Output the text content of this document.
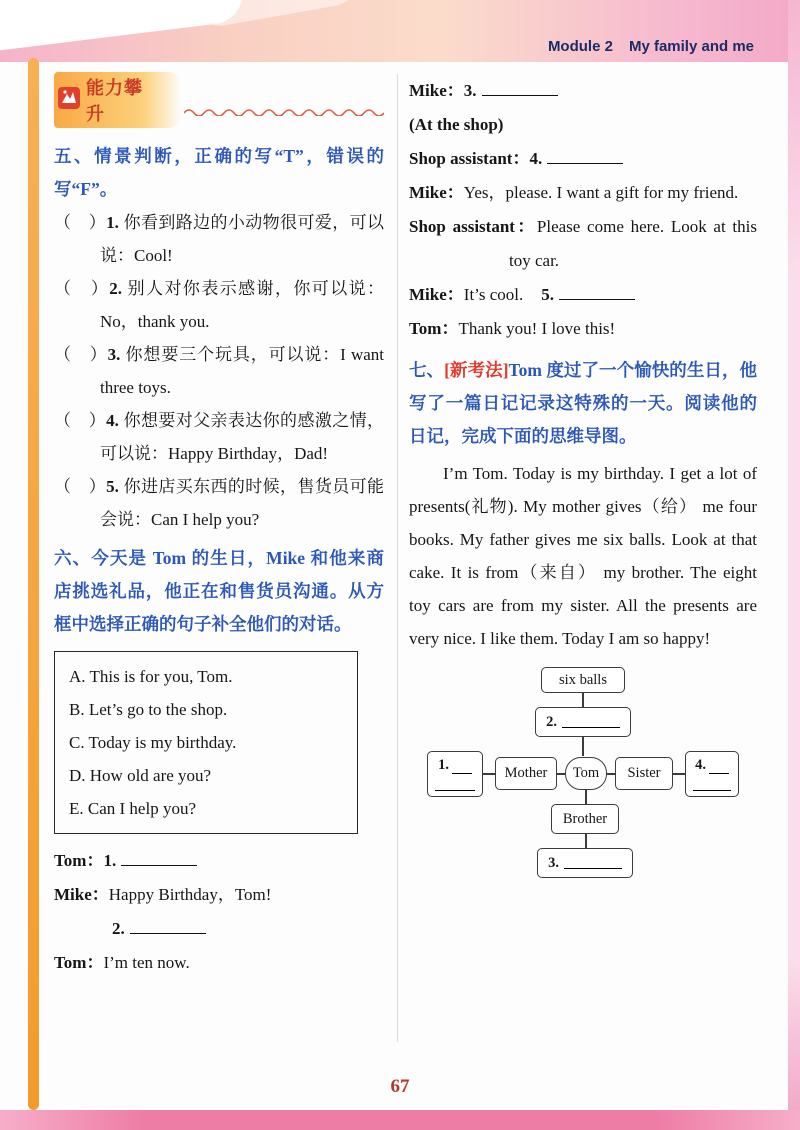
Module 2 My family and me
能力攀升
五、情景判断，正确的写“T”，错误的写“F”。
（　）1. 你看到路边的小动物很可爱，可以说：Cool!
（　）2. 别人对你表示感谢，你可以说：No，thank you.
（　）3. 你想要三个玩具，可以说：I want three toys.
（　）4. 你想要对父亲表达你的感激之情，可以说：Happy Birthday，Dad!
（　）5. 你进店买东西的时候，售货员可能会说：Can I help you?
六、今天是 Tom 的生日，Mike 和他来商店挑选礼品，他正在和售货员沟通。从方框中选择正确的句子补全他们的对话。
A. This is for you, Tom.
B. Let’s go to the shop.
C. Today is my birthday.
D. How old are you?
E. Can I help you?
Tom：1.
Mike：Happy Birthday，Tom!
2.
Tom：I’m ten now.
Mike：3.
(At the shop)
Shop assistant：4.
Mike：Yes，please. I want a gift for my friend.
Shop assistant：Please come here. Look at this toy car.
Mike：It’s cool. 5.
Tom：Thank you! I love this!
七、[新考法]Tom 度过了一个愉快的生日，他写了一篇日记记录这特殊的一天。阅读他的日记，完成下面的思维导图。
I’m Tom. Today is my birthday. I get a lot of presents(礼物). My mother gives（给） me four books. My father gives me six balls. Look at that cake. It is from（来自） my brother. The eight toy cars are from my sister. All the presents are very nice. I like them. Today I am so happy!
six balls
2.
1.	Mother Tom Sister 4.
Brother
3.
67
